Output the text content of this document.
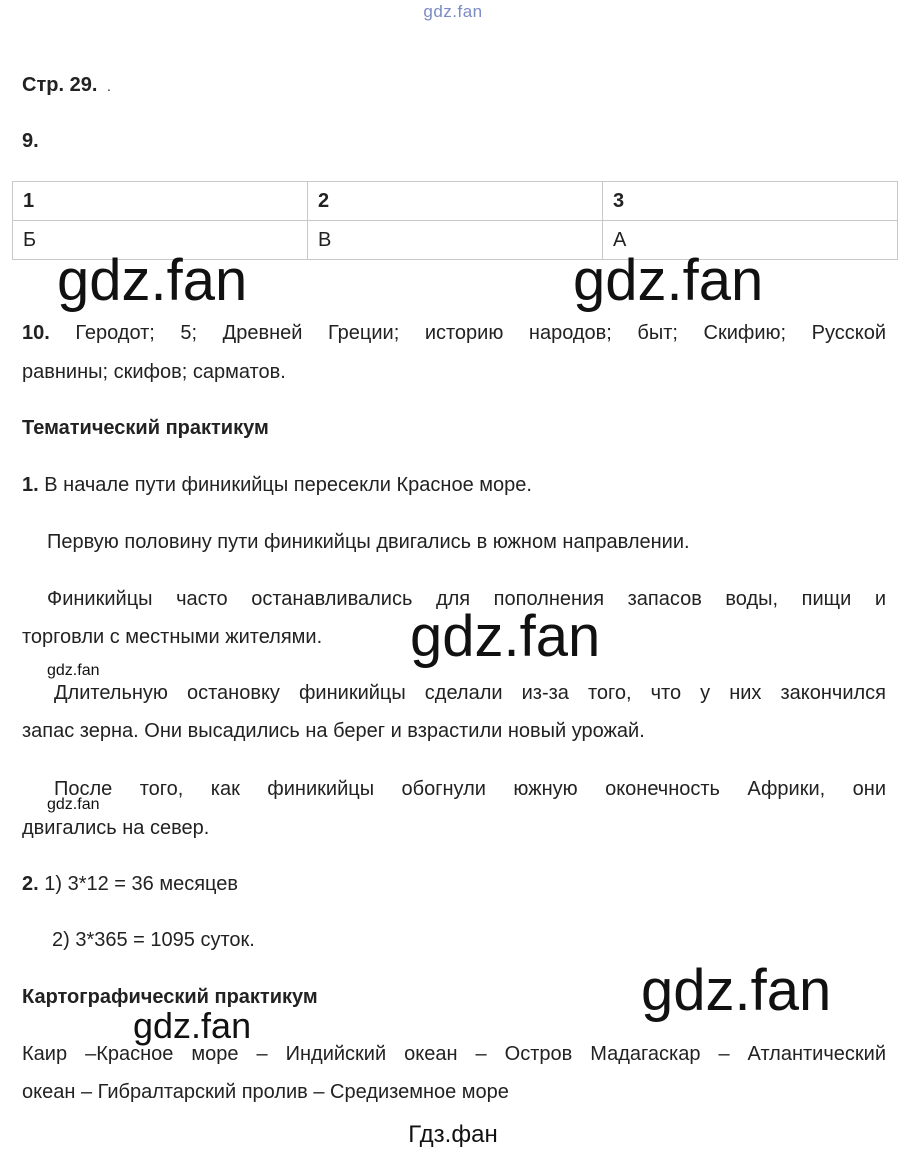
gdz.fan
Стр. 29. .
9.
1	2	3
Б	В	А
10. Геродот; 5; Древней Греции; историю народов; быт; Скифию; Русской
равнины; скифов; сарматов.
Тематический практикум
1. В начале пути финикийцы пересекли Красное море.
Первую половину пути финикийцы двигались в южном направлении.
Финикийцы часто останавливались для пополнения запасов воды, пищи и
торговли с местными жителями.
Длительную остановку финикийцы сделали из-за того, что у них закончился
запас зерна. Они высадились на берег и взрастили новый урожай.
После того, как финикийцы обогнули южную оконечность Африки, они
двигались на север.
2. 1) 3*12 = 36 месяцев
2) 3*365 = 1095 суток.
Картографический практикум
Каир –Красное море – Индийский океан – Остров Мадагаскар – Атлантический
океан – Гибралтарский пролив – Средиземное море
gdz.fan	gdz.fan
gdz.fan
gdz.fan
gdz.fan
gdz.fan
gdz.fan
Гдз.фан
